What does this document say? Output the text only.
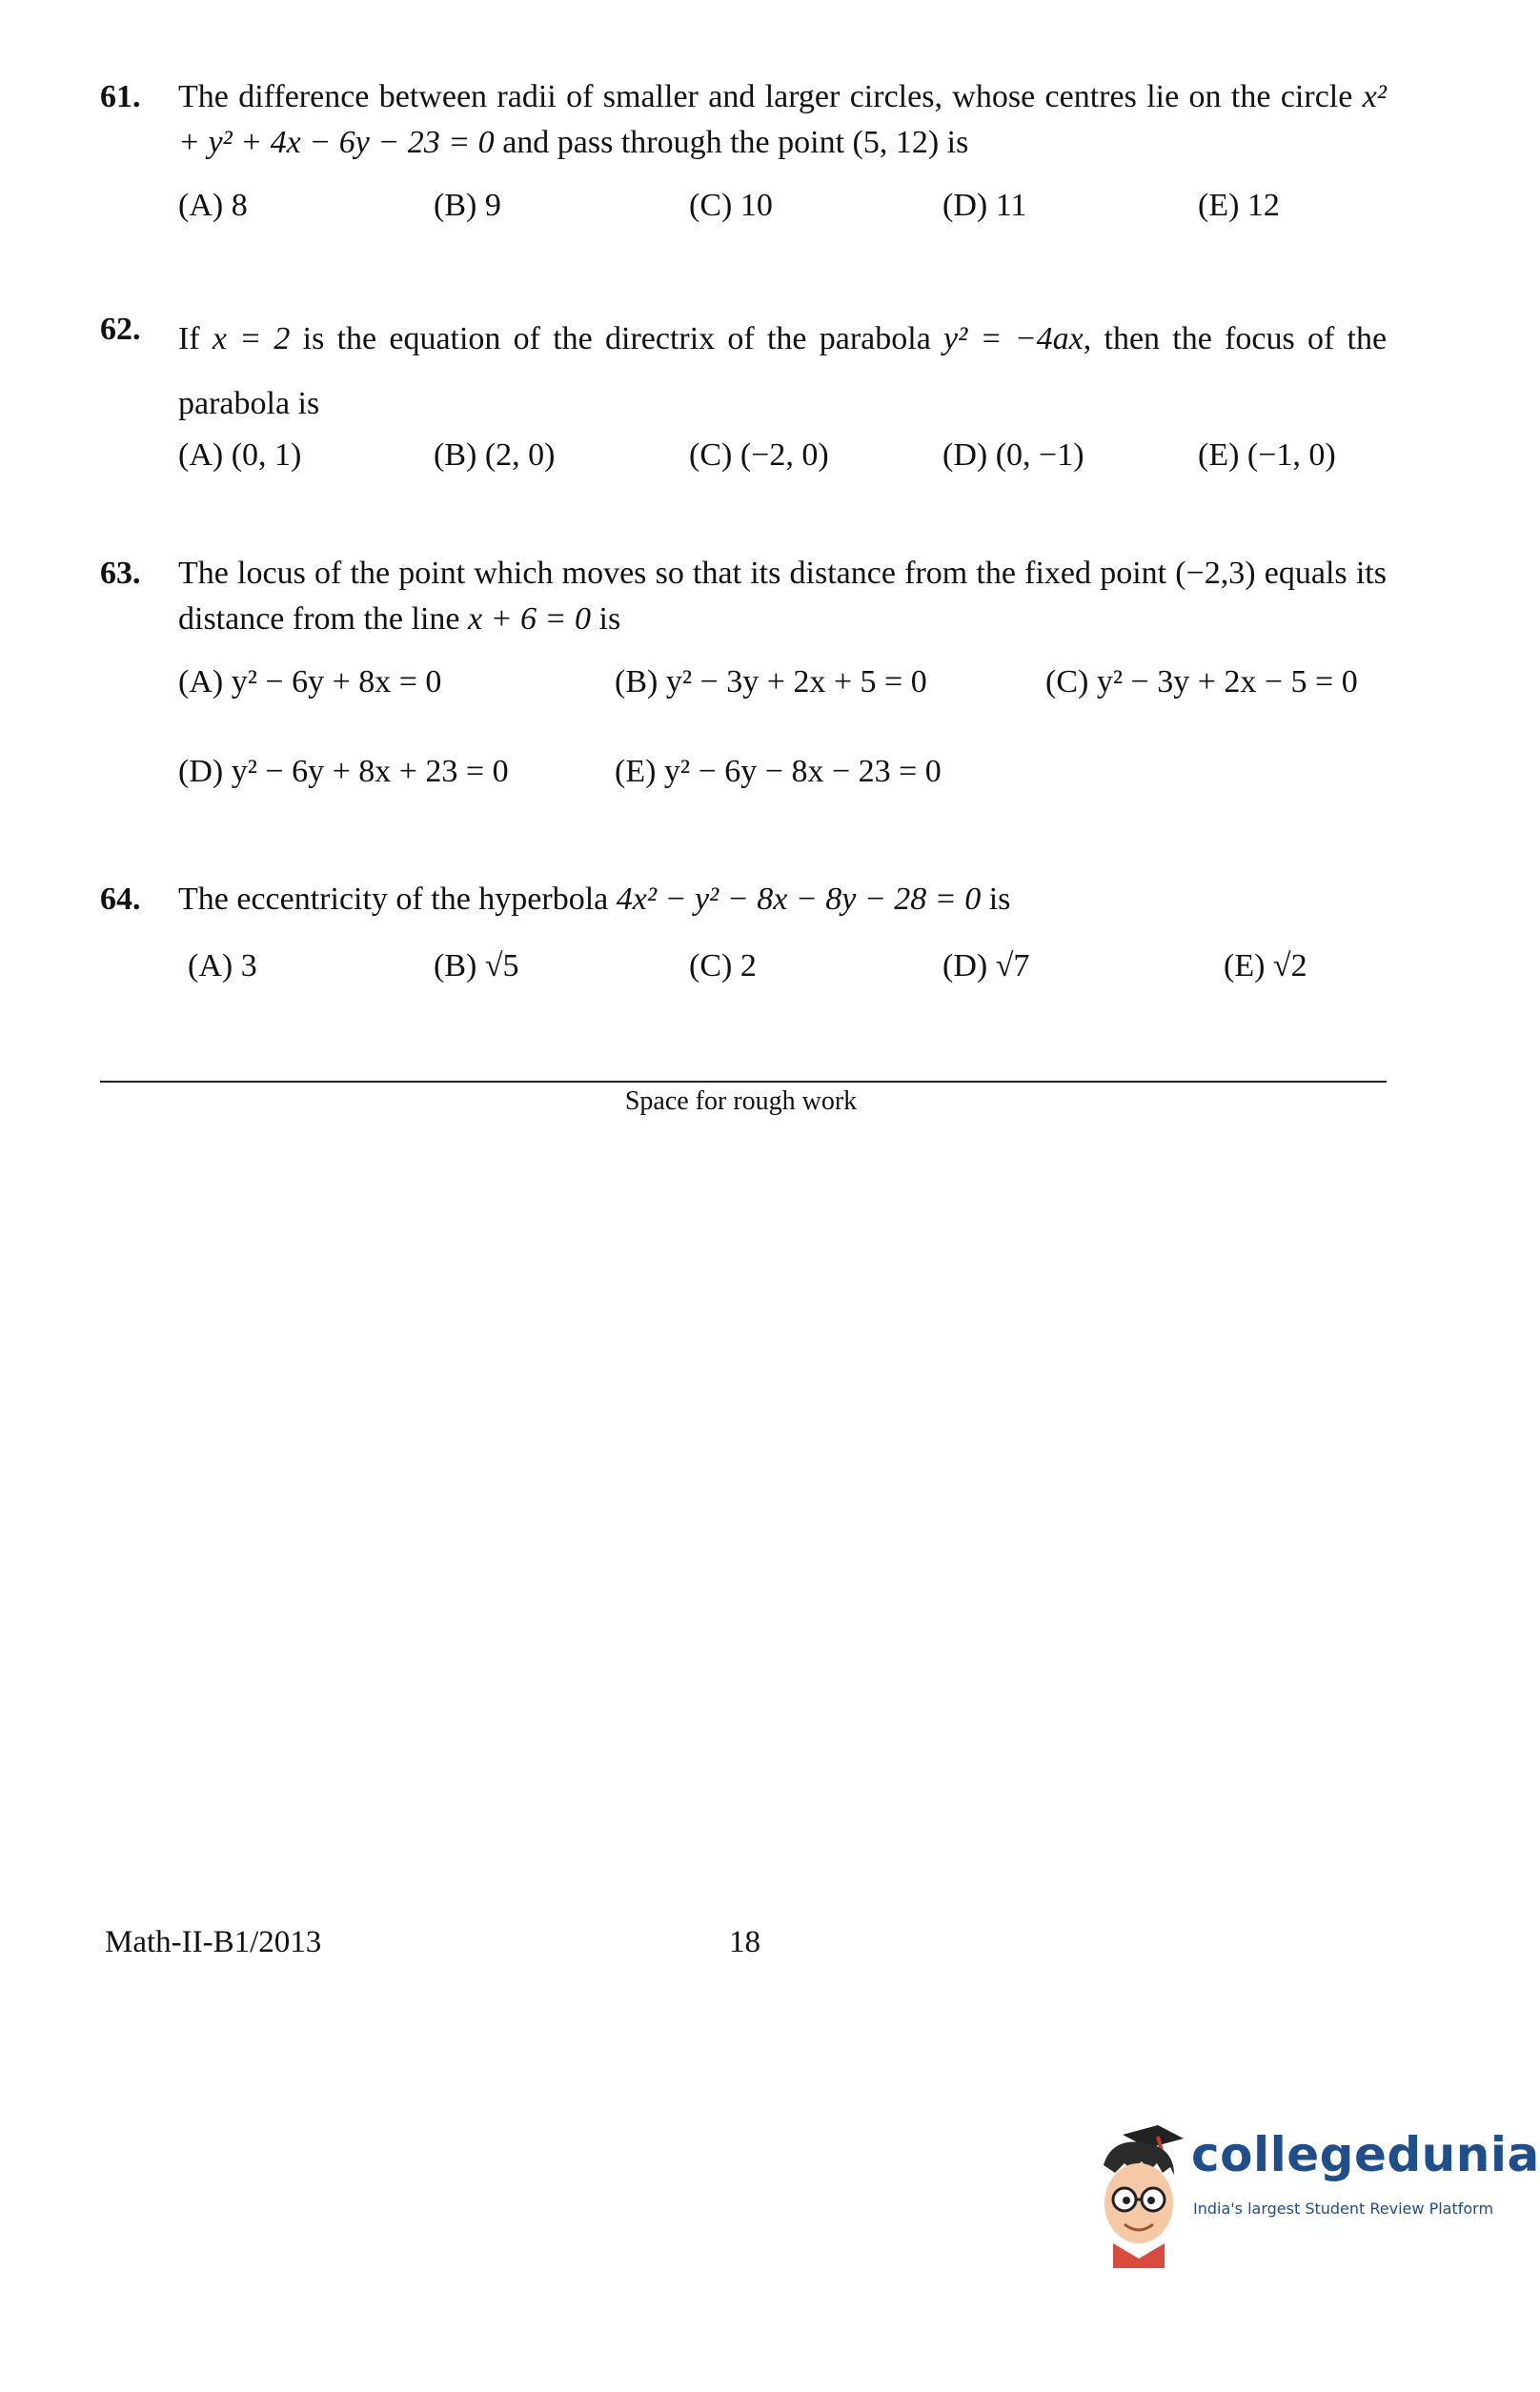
61. The difference between radii of smaller and larger circles, whose centres lie on the circle x² + y² + 4x − 6y − 23 = 0 and pass through the point (5, 12) is
(A) 8	(B) 9	(C) 10	(D) 11	(E) 12
62. If x = 2 is the equation of the directrix of the parabola y² = −4ax, then the focus of the parabola is
(A) (0, 1)	(B) (2, 0)	(C) (−2, 0)	(D) (0, −1)	(E) (−1, 0)
63. The locus of the point which moves so that its distance from the fixed point (−2,3) equals its distance from the line x + 6 = 0 is
(A) y² − 6y + 8x = 0	(B) y² − 3y + 2x + 5 = 0	(C) y² − 3y + 2x − 5 = 0
(D) y² − 6y + 8x + 23 = 0	(E) y² − 6y − 8x − 23 = 0
64. The eccentricity of the hyperbola 4x² − y² − 8x − 8y − 28 = 0 is
(A) 3	(B) √5	(C) 2	(D) √7	(E) √2
Space for rough work
Math-II-B1/2013	18
collegedunia
India's largest Student Review Platform
